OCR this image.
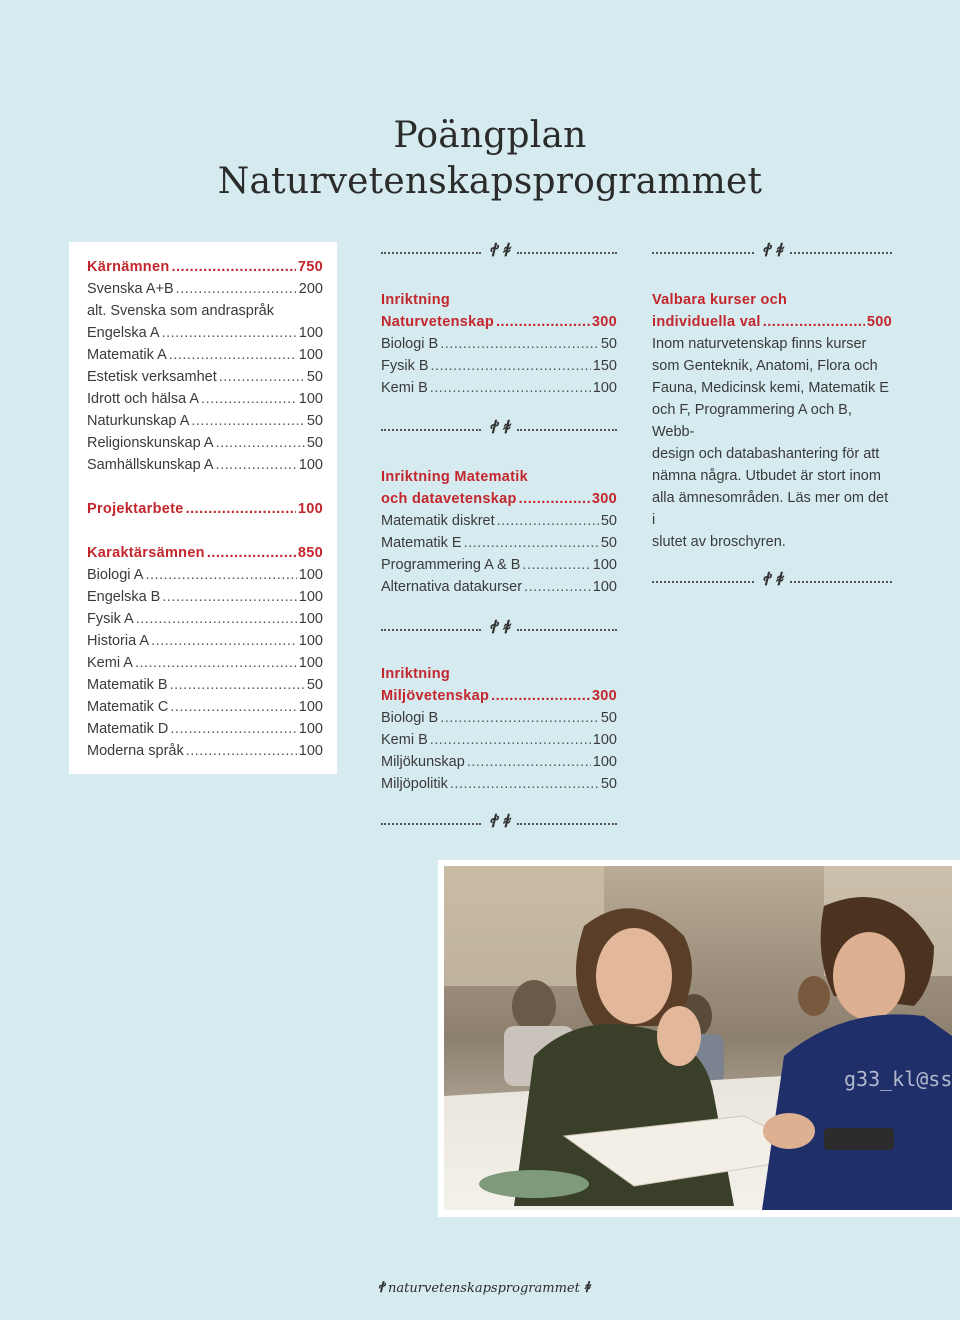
Poängplan
Naturvetenskapsprogrammet
Kärnämnen .....	750
Svenska A+B .....	200
alt. Svenska som andraspråk
Engelska A .....	100
Matematik A .....	100
Estetisk verksamhet .....	50
Idrott och hälsa A .....	100
Naturkunskap A .....	50
Religionskunskap A .....	50
Samhällskunskap A .....	100
Projektarbete .....	100
Karaktärsämnen .....	850
Biologi A .....	100
Engelska B .....	100
Fysik A .....	100
Historia A .....	100
Kemi A .....	100
Matematik B .....	50
Matematik C .....	100
Matematik D .....	100
Moderna språk .....	100
ꬷ ꬸ
Inriktning
Naturvetenskap .....	300
Biologi B .....	50
Fysik B .....	150
Kemi B .....	100
ꬷ ꬸ
Inriktning Matematik
och datavetenskap .....	300
Matematik diskret .....	50
Matematik E .....	50
Programmering A & B .....	100
Alternativa datakurser .....	100
ꬷ ꬸ
Inriktning
Miljövetenskap .....	300
Biologi B .....	50
Kemi B .....	100
Miljökunskap .....	100
Miljöpolitik .....	50
ꬷ ꬸ
ꬷ ꬸ
Valbara kurser och
individuella val .....	500
Inom naturvetenskap finns kurser
som Genteknik, Anatomi, Flora och
Fauna, Medicinsk kemi, Matematik E
och F, Programmering A och B, Webb-
design och databashantering för att
nämna några. Utbudet är stort inom
alla ämnesområden. Läs mer om det i
slutet av broschyren.
ꬷ ꬸ
g33_kl@ss
ꬷ naturvetenskapsprogrammet ꬸ
